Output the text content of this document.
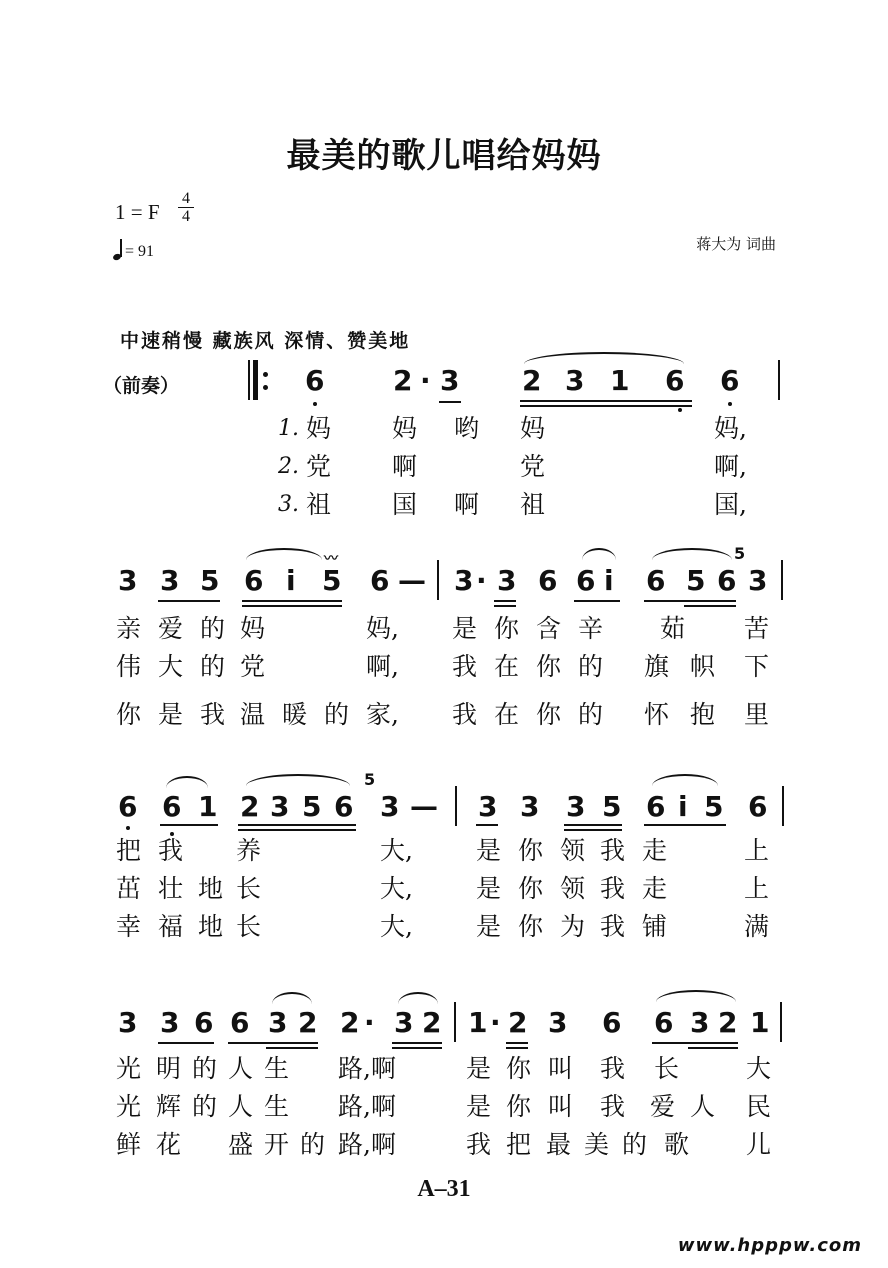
最美的歌儿唱给妈妈
1 = F
4
4
= 91	蒋大为 词曲
中速稍慢 藏族风 深情、赞美地
（前奏）	6 2 · 3 2 3 1 6 6
1. 妈 妈 哟 妈	妈,
2. 党 啊	党	啊,
3. 祖 国 啊 祖	国,
3 3 5 6 i 5
〰
6 — 3 · 3 6 6 i 6 5 6
5
3
亲 爱 的 妈	妈, 是 你 含 辛 茹 苦
伟 大 的 党	啊, 我 在 你 的 旗 帜 下
你 是 我 温 暖 的 家, 我 在 你 的 怀 抱 里
6 6 1 2 3 5 6
5
3 — 3 3 3 5 6 i 5 6
把 我 养	大,	是 你 领 我 走	上
茁 壮 地 长	大,	是 你 领 我 走	上
幸 福 地 长	大,	是 你 为 我 铺	满
3 3 6 6 3 2 2 · 3 2 1 · 2 3 6 6 3 2 1
光 明 的 人 生 路,啊	是 你 叫 我 长	大
光 辉 的 人 生 路,啊	是 你 叫 我 爱 人 民
鲜 花 盛 开 的 路,啊	我 把 最 美 的 歌 儿
A–31
www.hpppw.com
